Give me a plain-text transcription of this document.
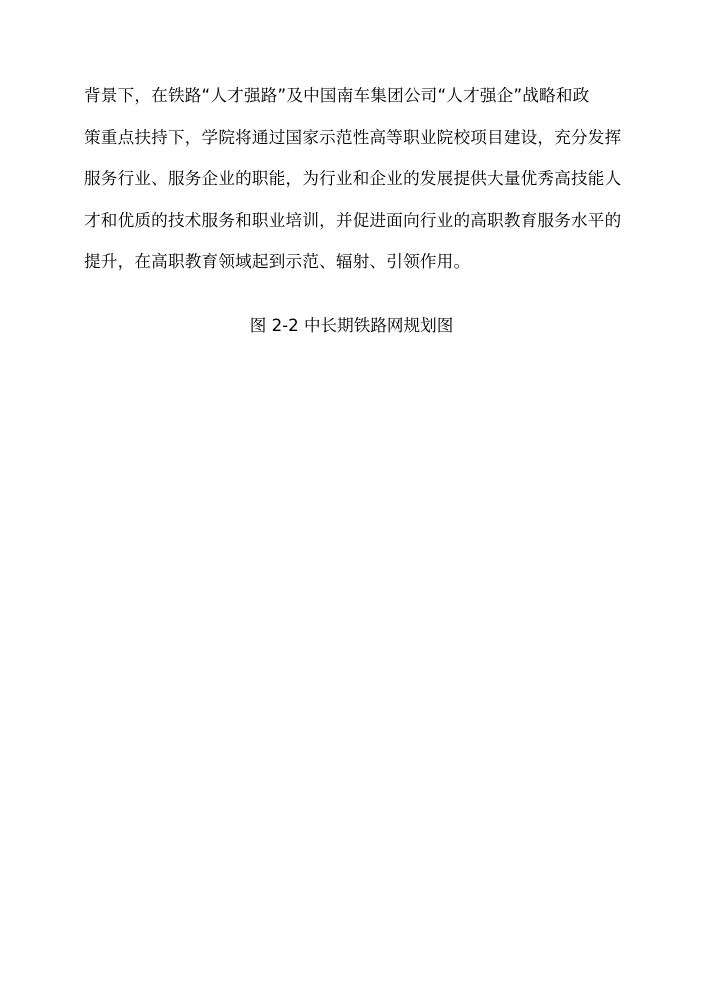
背景下，在铁路“人才强路”及中国南车集团公司“人才强企”战略和政
策重点扶持下，学院将通过国家示范性高等职业院校项目建设，充分发挥
服务行业、服务企业的职能，为行业和企业的发展提供大量优秀高技能人
才和优质的技术服务和职业培训，并促进面向行业的高职教育服务水平的
提升，在高职教育领域起到示范、辐射、引领作用。

图 2-2 中长期铁路网规划图
